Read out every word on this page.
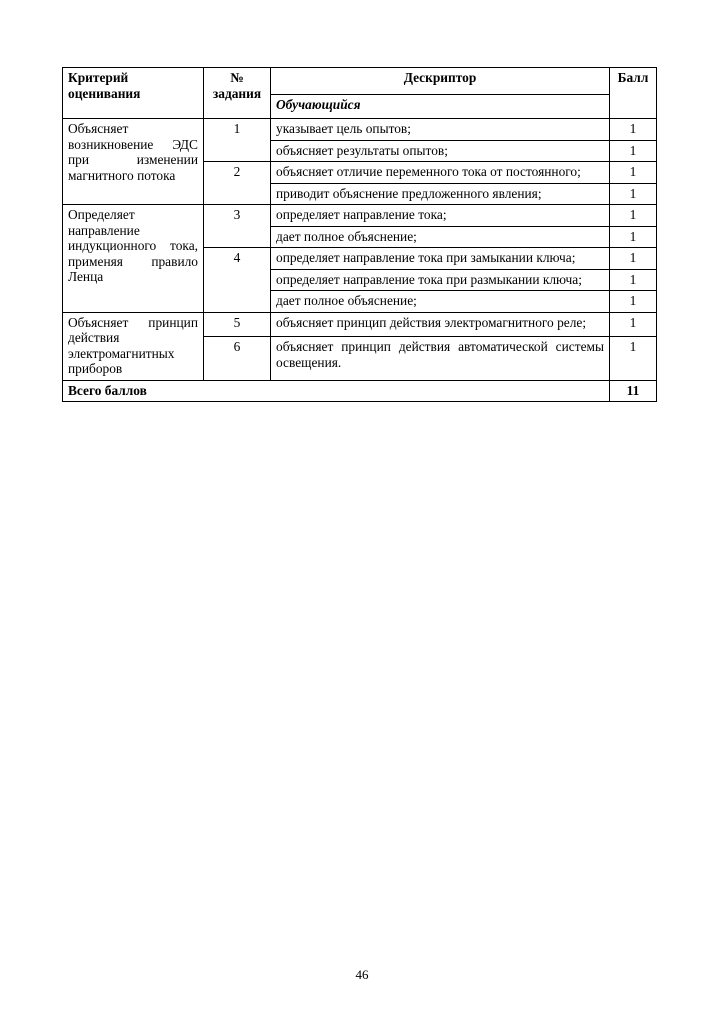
Критерий оценивания	№ задания	Дескриптор	Балл
		Обучающийся	
Объясняет возникновение ЭДС при изменении магнитного потока	1	указывает цель опытов;	1
		объясняет результаты опытов;	1
	2	объясняет отличие переменного тока от постоянного;	1
		приводит объяснение предложенного явления;	1
Определяет направление индукционного тока, применяя правило Ленца	3	определяет направление тока;	1
		дает полное объяснение;	1
	4	определяет направление тока при замыкании ключа;	1
		определяет направление тока при размыкании ключа;	1
		дает полное объяснение;	1
Объясняет принцип действия электромагнитных приборов	5	объясняет принцип действия электромагнитного реле;	1
	6	объясняет принцип действия автоматической системы освещения.	1
Всего баллов			11
46
